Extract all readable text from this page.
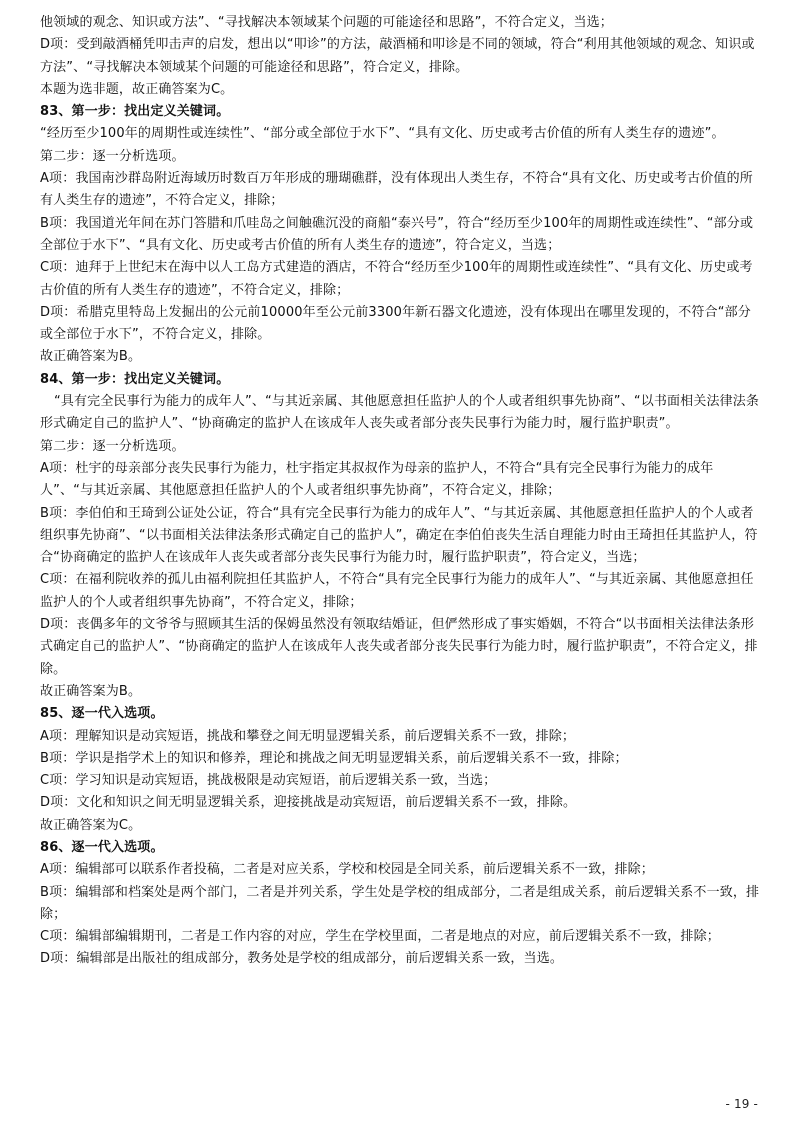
他领域的观念、知识或方法”、“寻找解决本领域某个问题的可能途径和思路”，不符合定义，当选；

D项：受到敲酒桶凭叩击声的启发，想出以“叩诊”的方法，敲酒桶和叩诊是不同的领域，符合“利用其他领域的观念、知识或方法”、“寻找解决本领域某个问题的可能途径和思路”，符合定义，排除。

本题为选非题，故正确答案为C。

83、第一步：找出定义关键词。

“经历至少100年的周期性或连续性”、“部分或全部位于水下”、“具有文化、历史或考古价值的所有人类生存的遗迹”。

第二步：逐一分析选项。

A项：我国南沙群岛附近海域历时数百万年形成的珊瑚礁群，没有体现出人类生存，不符合“具有文化、历史或考古价值的所有人类生存的遗迹”，不符合定义，排除；

B项：我国道光年间在苏门答腊和爪哇岛之间触礁沉没的商船“泰兴号”，符合“经历至少100年的周期性或连续性”、“部分或全部位于水下”、“具有文化、历史或考古价值的所有人类生存的遗迹”，符合定义，当选；

C项：迪拜于上世纪末在海中以人工岛方式建造的酒店，不符合“经历至少100年的周期性或连续性”、“具有文化、历史或考古价值的所有人类生存的遗迹”，不符合定义，排除；

D项：希腊克里特岛上发掘出的公元前10000年至公元前3300年新石器文化遗迹，没有体现出在哪里发现的，不符合“部分或全部位于水下”，不符合定义，排除。

故正确答案为B。

84、第一步：找出定义关键词。

“具有完全民事行为能力的成年人”、“与其近亲属、其他愿意担任监护人的个人或者组织事先协商”、“以书面相关法律法条形式确定自己的监护人”、“协商确定的监护人在该成年人丧失或者部分丧失民事行为能力时，履行监护职责”。

第二步：逐一分析选项。

A项：杜宇的母亲部分丧失民事行为能力，杜宇指定其叔叔作为母亲的监护人，不符合“具有完全民事行为能力的成年人”、“与其近亲属、其他愿意担任监护人的个人或者组织事先协商”，不符合定义，排除；

B项：李伯伯和王琦到公证处公证，符合“具有完全民事行为能力的成年人”、“与其近亲属、其他愿意担任监护人的个人或者组织事先协商”、“以书面相关法律法条形式确定自己的监护人”，确定在李伯伯丧失生活自理能力时由王琦担任其监护人，符合“协商确定的监护人在该成年人丧失或者部分丧失民事行为能力时，履行监护职责”，符合定义，当选；

C项：在福利院收养的孤儿由福利院担任其监护人，不符合“具有完全民事行为能力的成年人”、“与其近亲属、其他愿意担任监护人的个人或者组织事先协商”，不符合定义，排除；

D项：丧偶多年的文爷爷与照顾其生活的保姆虽然没有领取结婚证，但俨然形成了事实婚姻，不符合“以书面相关法律法条形式确定自己的监护人”、“协商确定的监护人在该成年人丧失或者部分丧失民事行为能力时，履行监护职责”，不符合定义，排除。

故正确答案为B。

85、逐一代入选项。

A项：理解知识是动宾短语，挑战和攀登之间无明显逻辑关系，前后逻辑关系不一致，排除；

B项：学识是指学术上的知识和修养，理论和挑战之间无明显逻辑关系，前后逻辑关系不一致，排除；

C项：学习知识是动宾短语，挑战极限是动宾短语，前后逻辑关系一致，当选；

D项：文化和知识之间无明显逻辑关系，迎接挑战是动宾短语，前后逻辑关系不一致，排除。

故正确答案为C。

86、逐一代入选项。

A项：编辑部可以联系作者投稿，二者是对应关系，学校和校园是全同关系，前后逻辑关系不一致，排除；

B项：编辑部和档案处是两个部门，二者是并列关系，学生处是学校的组成部分，二者是组成关系，前后逻辑关系不一致，排除；

C项：编辑部编辑期刊，二者是工作内容的对应，学生在学校里面，二者是地点的对应，前后逻辑关系不一致，排除；

D项：编辑部是出版社的组成部分，教务处是学校的组成部分，前后逻辑关系一致，当选。

- 19 -
